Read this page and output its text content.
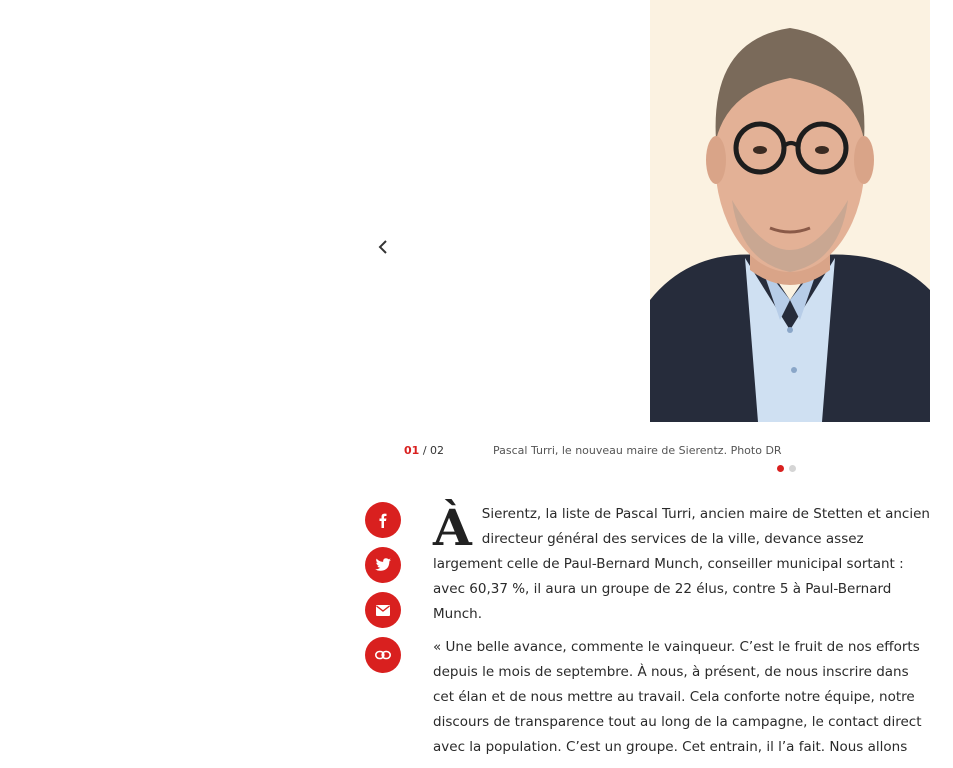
01 / 02	Pascal Turri, le nouveau maire de Sierentz. Photo DR

À Sierentz, la liste de Pascal Turri, ancien maire de Stetten et ancien directeur général des services de la ville, devance assez largement celle de Paul-Bernard Munch, conseiller municipal sortant : avec 60,37 %, il aura un groupe de 22 élus, contre 5 à Paul-Bernard Munch.

« Une belle avance, commente le vainqueur. C’est le fruit de nos efforts depuis le mois de septembre. À nous, à présent, de nous inscrire dans cet élan et de nous mettre au travail. Cela conforte notre équipe, notre discours de transparence tout au long de la campagne, le contact direct avec la population. C’est un groupe. Cet entrain, il l’a fait. Nous allons
